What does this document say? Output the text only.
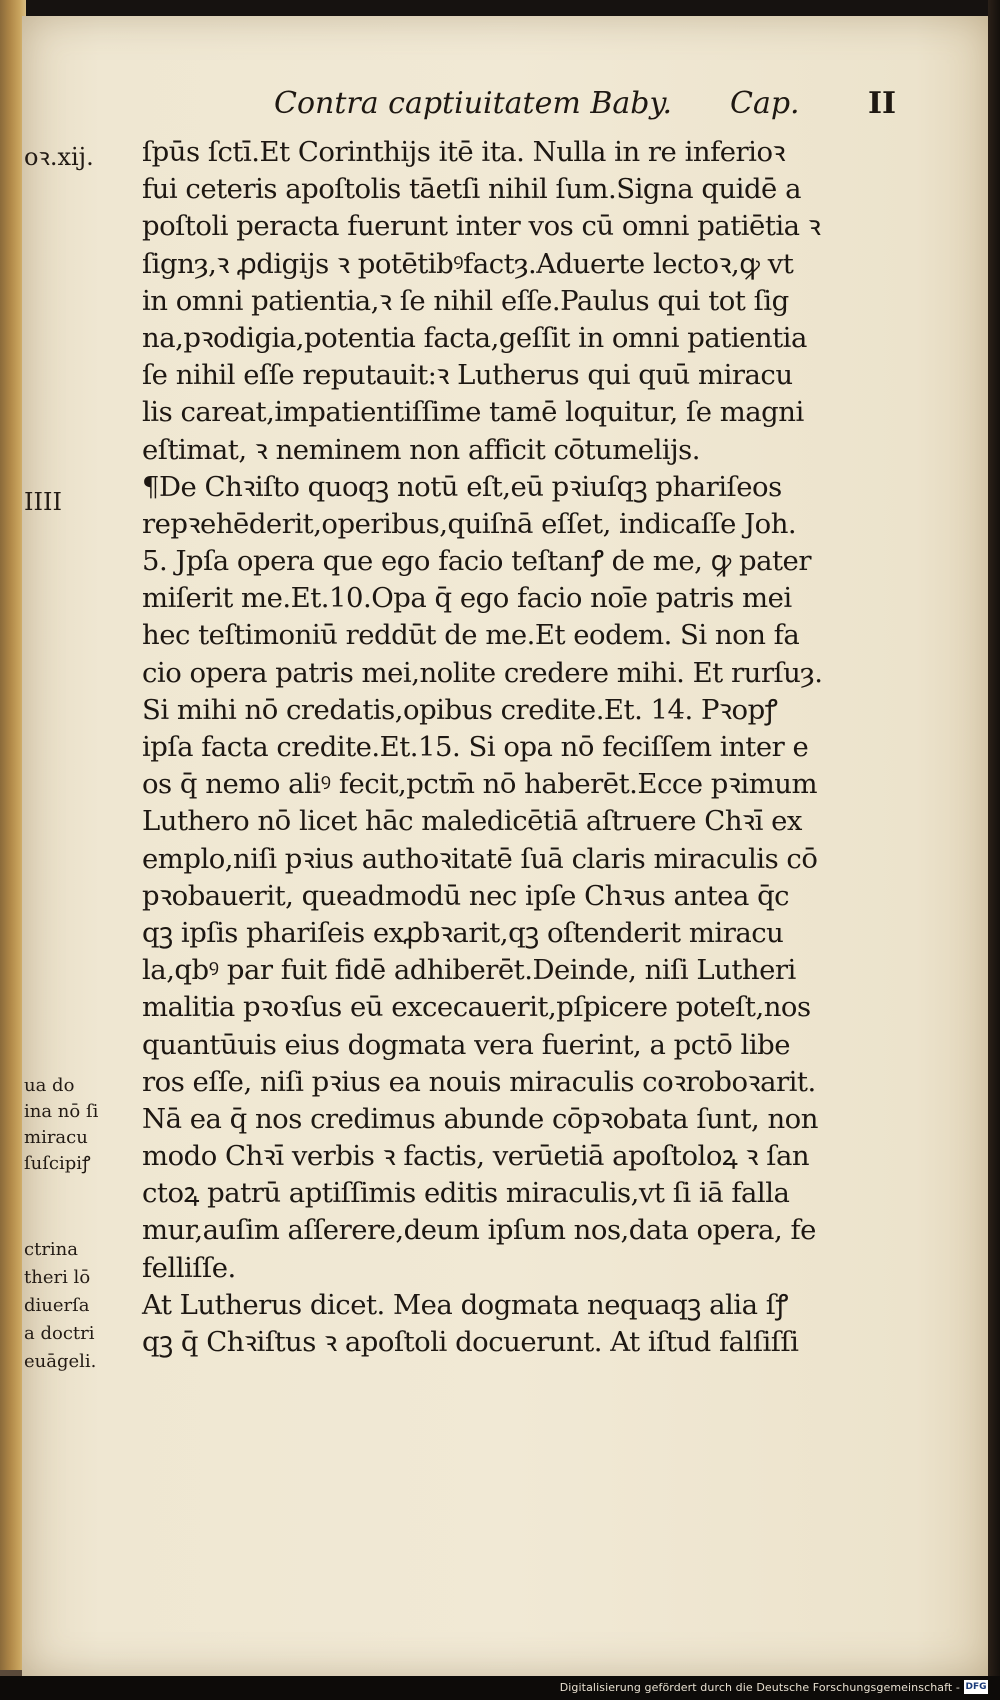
Contra captiuitatem Baby. Cap. II
ſpūs ſctī.Et Corinthijs itē ita. Nulla in re inferioꝛ
fui ceteris apoſtolis tāetſi nihil ſum.Signa quidē a
poſtoli peracta fuerunt inter vos cū omni patiētia ꝛ
ſignȝ,ꝛ ꝓdigijs ꝛ potētibꝰfactȝ.Aduerte lectoꝛ,ꝙ vt
in omni patientia,ꝛ ſe nihil eſſe.Paulus qui tot ſig
na,pꝛodigia,potentia facta,geſſit in omni patientia
ſe nihil eſſe reputauit:ꝛ Lutherus qui quū miracu
lis careat,impatientiſſime tamē loquitur, ſe magni
eſtimat, ꝛ neminem non afficit cōtumelijs.
¶De Chꝛiſto quoqꝫ notū eſt,eū pꝛiuſqꝫ phariſeos
repꝛehēderit,operibus,quiſnā eſſet, indicaſſe Joh.
5. Jpſa opera que ego facio teſtanꝭ de me, ꝙ pater
miſerit me.Et.10.Opa q̄ ego facio noīe patris mei
hec teſtimoniū reddūt de me.Et eodem. Si non fa
cio opera patris mei,nolite credere mihi. Et rurſuȝ.
Si mihi nō credatis,opibus credite.Et. 14. Pꝛopꝭ
ipſa facta credite.Et.15. Si opa nō feciſſem inter e
os q̄ nemo aliꝰ fecit,pctm̄ nō haberēt.Ecce pꝛimum
Luthero nō licet hāc maledicētiā aſtruere Chꝛī ex
emplo,niſi pꝛius authoꝛitatē ſuā claris miraculis cō
pꝛobauerit, queadmodū nec ipſe Chꝛus antea q̄c
qꝫ ipſis phariſeis exꝓbꝛarit,qꝫ oſtenderit miracu
la,qbꝰ par fuit fidē adhiberēt.Deinde, niſi Lutheri
malitia pꝛoꝛſus eū excecauerit,pſpicere poteſt,nos
quantūuis eius dogmata vera fuerint, a pctō libe
ros eſſe, niſi pꝛius ea nouis miraculis coꝛroboꝛarit.
Nā ea q̄ nos credimus abunde cōpꝛobata ſunt, non
modo Chꝛī verbis ꝛ factis, verūetiā apoſtoloꝝ ꝛ ſan
ctoꝝ patrū aptiſſimis editis miraculis,vt ſi iā falla
mur,auſim aſſerere,deum ipſum nos,data opera, fe
felliſſe.
At Lutherus dicet. Mea dogmata nequaqꝫ alia ſꝭ
qꝫ q̄ Chꝛiſtus ꝛ apoſtoli docuerunt. At iſtud falſiſſi
oꝛ.xij.
IIII
ua do
ina nō ſi
miracu
ſuſcipiꝭ
ctrina
theri lō
diuerſa
a doctri
euāgeli.
Digitalisierung gefördert durch die Deutsche Forschungsgemeinschaft - DFG
